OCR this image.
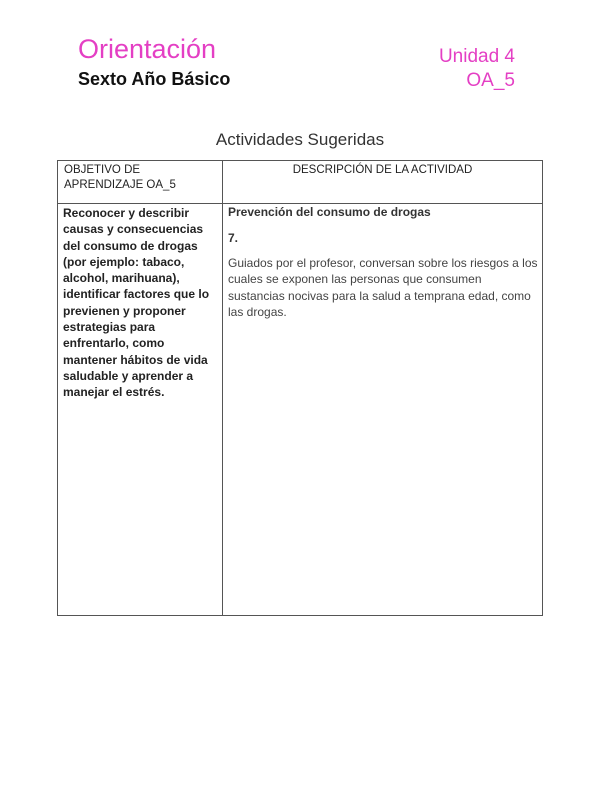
Orientación
Sexto Año Básico
Unidad 4
OA_5
Actividades Sugeridas
OBJETIVO DE APRENDIZAJE OA_5
DESCRIPCIÓN DE LA ACTIVIDAD
Reconocer y describir causas y consecuencias del consumo de drogas (por ejemplo: tabaco, alcohol, marihuana), identificar factores que lo previenen y proponer estrategias para enfrentarlo, como mantener hábitos de vida saludable y aprender a manejar el estrés.
Prevención del consumo de drogas
7.
Guiados por el profesor, conversan sobre los riesgos a los cuales se exponen las personas que consumen sustancias nocivas para la salud a temprana edad, como las drogas.
